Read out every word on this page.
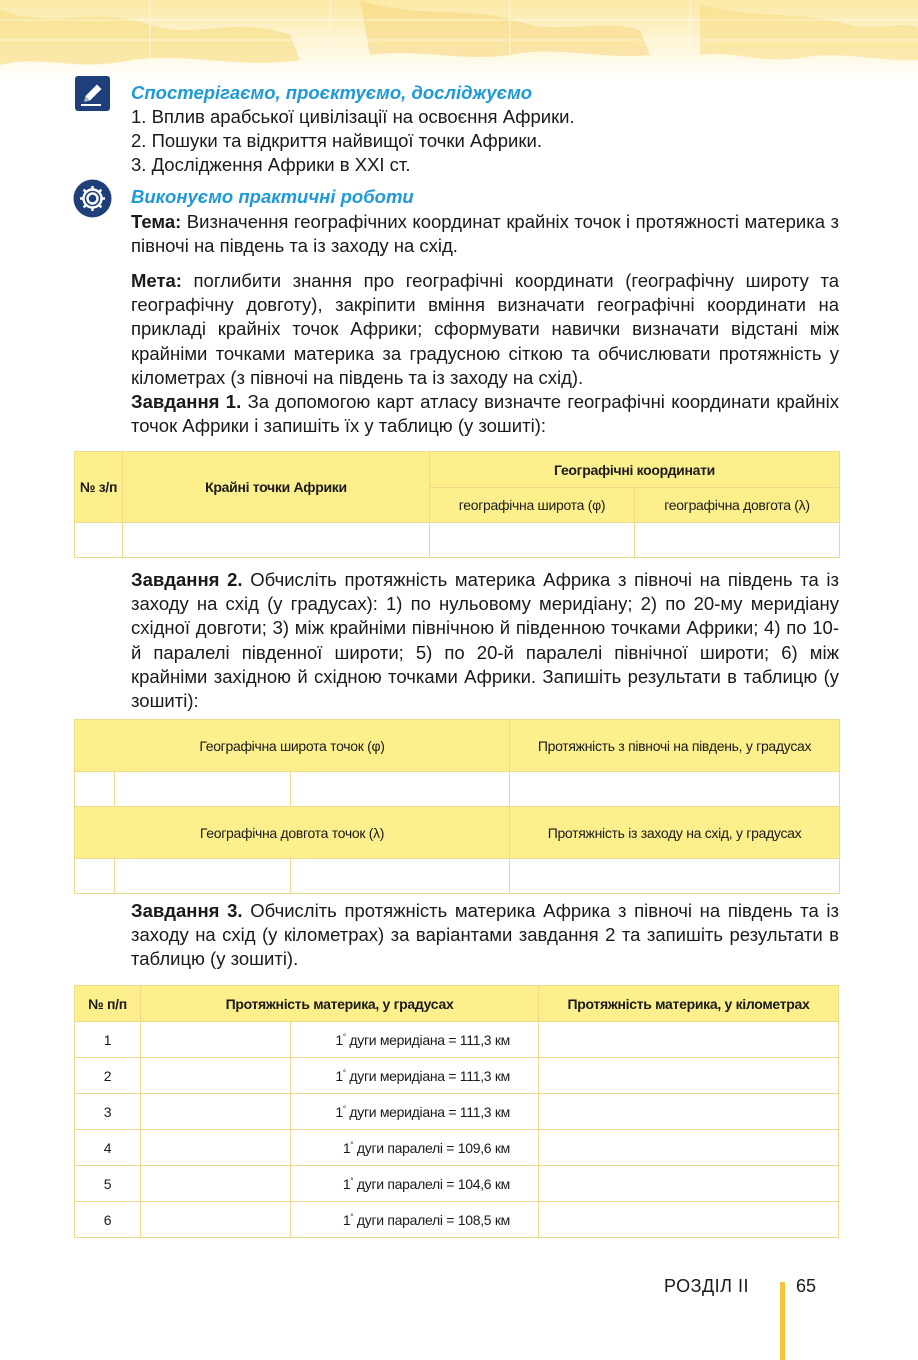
Спостерігаємо, проєктуємо, досліджуємо
1. Вплив арабської цивілізації на освоєння Африки.
2. Пошуки та відкриття найвищої точки Африки.
3. Дослідження Африки в XXI ст.
Виконуємо практичні роботи
Тема: Визначення географічних координат крайніх точок і протяжності материка з півночі на південь та із заходу на схід.
Мета: поглибити знання про географічні координати (географічну широту та географічну довготу), закріпити вміння визначати географічні координати на прикладі крайніх точок Африки; сформувати навички визначати відстані між крайніми точками материка за градусною сіткою та обчислювати протяжність у кілометрах (з півночі на південь та із заходу на схід).
Завдання 1. За допомогою карт атласу визначте географічні координати крайніх точок Африки і запишіть їх у таблицю (у зошиті):
№ з/п	Крайні точки Африки	Географічні координати	
		географічна широта (φ)	географічна довгота (λ)

Завдання 2. Обчисліть протяжність материка Африка з півночі на південь та із заходу на схід (у градусах): 1) по нульовому меридіану; 2) по 20-му меридіану східної довготи; 3) між крайніми північною й південною точками Африки; 4) по 10-й паралелі південної широти; 5) по 20-й паралелі північної широти; 6) між крайніми західною й східною точками Африки. Запишіть результати в таблицю (у зошиті):
Географічна широта точок (φ)			Протяжність з півночі на південь, у градусах

Географічна довгота точок (λ)			Протяжність із заходу на схід, у градусах

Завдання 3. Обчисліть протяжність материка Африка з півночі на південь та із заходу на схід (у кілометрах) за варіантами завдання 2 та запишіть результати в таблицю (у зошиті).
№ п/п	Протяжність материка, у градусах		Протяжність материка, у кілометрах
1		1° дуги меридіана = 111,3 км	
2		1° дуги меридіана = 111,3 км	
3		1° дуги меридіана = 111,3 км	
4		1° дуги паралелі = 109,6 км	
5		1° дуги паралелі = 104,6 км	
6		1° дуги паралелі = 108,5 км	
РОЗДІЛ ІІ	65
